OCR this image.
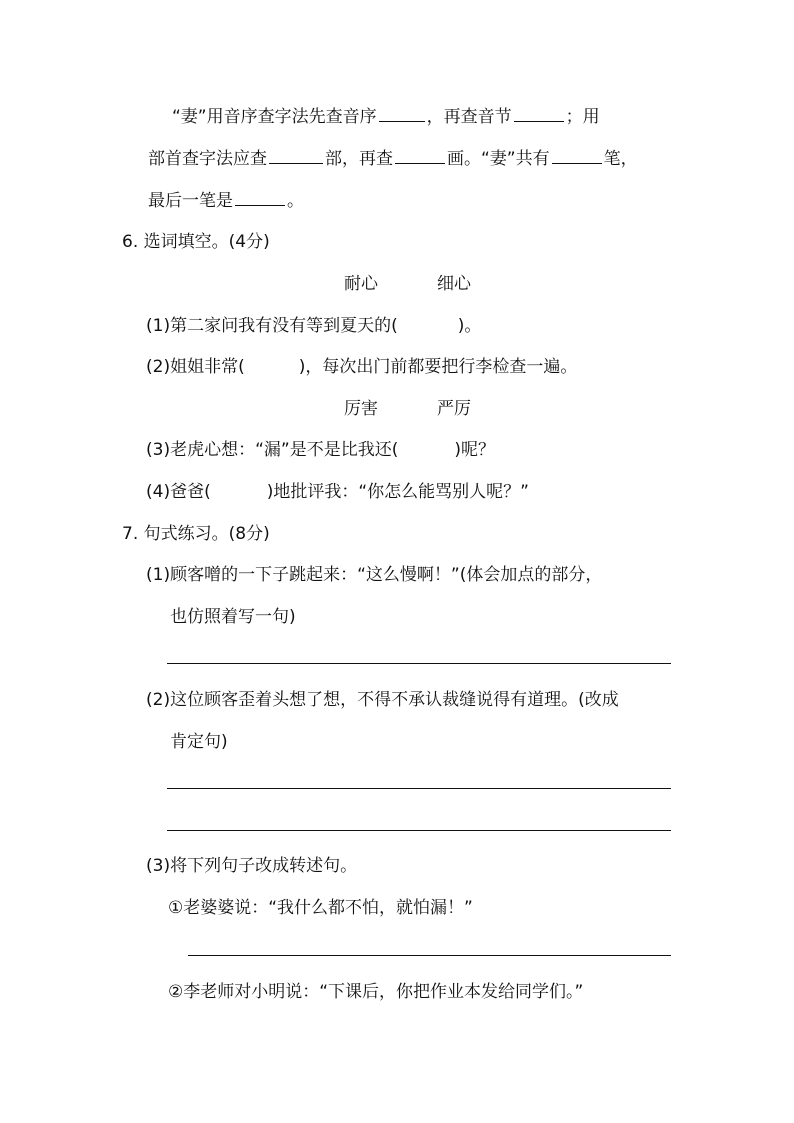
“妻”用音序查字法先查音序	，再查音节	；用
部首查字法应查	部，再查	画。“妻”共有	笔，
最后一笔是	。
6. 选词填空。(4分)
耐心	细心
(1)第二家问我有没有等到夏天的(	)。
(2)姐姐非常(	)，每次出门前都要把行李检查一遍。
厉害	严厉
(3)老虎心想：“漏”是不是比我还(	)呢？
(4)爸爸(	)地批评我：“你怎么能骂别人呢？”
7. 句式练习。(8分)
(1)顾客噌的一下子跳起来：“这么慢啊！”(体会加点的部分，
也仿照着写一句)
(2)这位顾客歪着头想了想，不得不承认裁缝说得有道理。(改成
肯定句)
(3)将下列句子改成转述句。
①老婆婆说：“我什么都不怕，就怕漏！”
②李老师对小明说：“下课后，你把作业本发给同学们。”
